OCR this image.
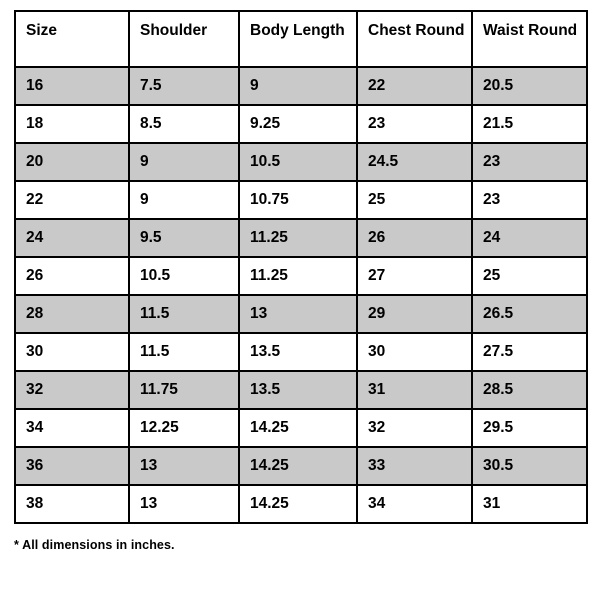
Size	Shoulder	Body Length	Chest Round	Waist Round
16	7.5	9	22	20.5
18	8.5	9.25	23	21.5
20	9	10.5	24.5	23
22	9	10.75	25	23
24	9.5	11.25	26	24
26	10.5	11.25	27	25
28	11.5	13	29	26.5
30	11.5	13.5	30	27.5
32	11.75	13.5	31	28.5
34	12.25	14.25	32	29.5
36	13	14.25	33	30.5
38	13	14.25	34	31
* All dimensions in inches.
